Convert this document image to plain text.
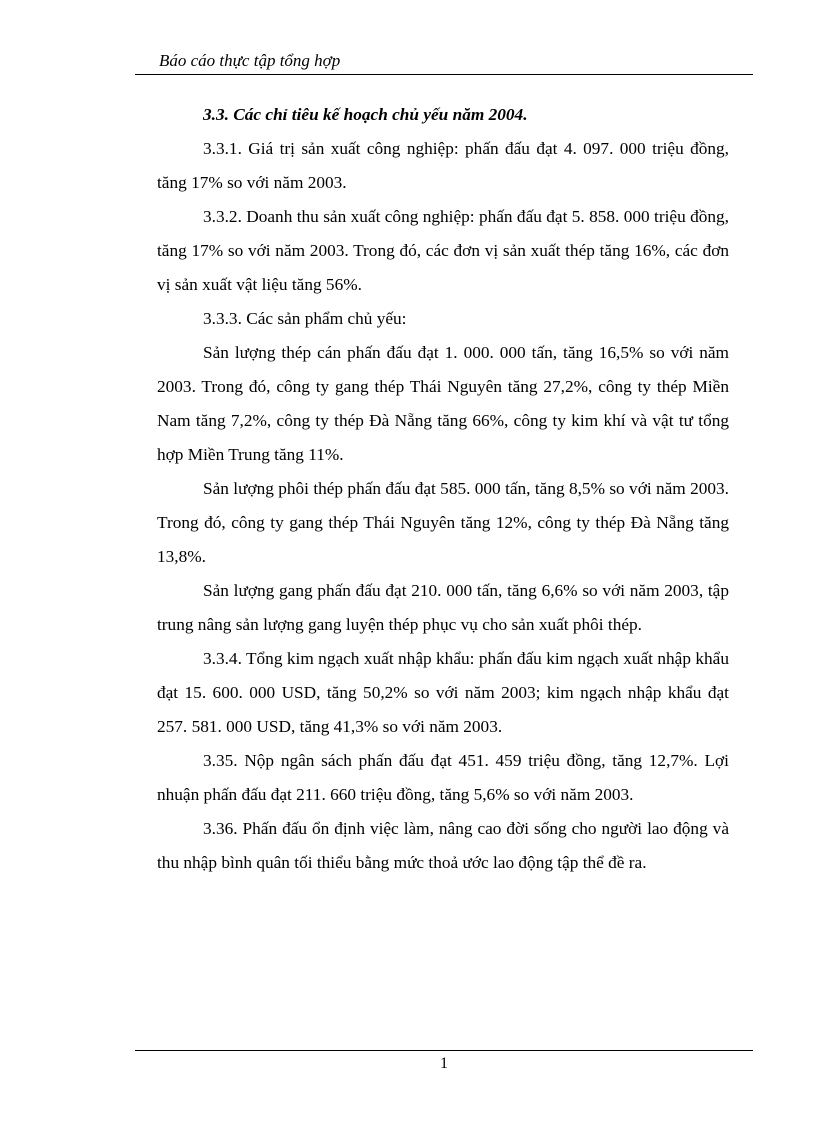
Báo cáo thực tập tổng hợp

3.3. Các chỉ tiêu kế hoạch chủ yếu năm 2004.

3.3.1. Giá trị sản xuất công nghiệp: phấn đấu đạt 4. 097. 000 triệu đồng, tăng 17% so với năm 2003.

3.3.2. Doanh thu sản xuất công nghiệp: phấn đấu đạt 5. 858. 000 triệu đồng, tăng 17% so với năm 2003. Trong đó, các đơn vị sản xuất thép tăng 16%, các đơn vị sản xuất vật liệu tăng 56%.

3.3.3. Các sản phẩm chủ yếu:

Sản lượng thép cán phấn đấu đạt 1. 000. 000 tấn, tăng 16,5% so với năm 2003. Trong đó, công ty gang thép Thái Nguyên tăng 27,2%, công ty thép Miền Nam tăng 7,2%, công ty thép Đà Nẵng tăng 66%, công ty kim khí và vật tư tổng hợp Miền Trung tăng 11%.

Sản lượng phôi thép phấn đấu đạt 585. 000 tấn, tăng 8,5% so với năm 2003. Trong đó, công ty gang thép Thái Nguyên tăng 12%, công ty thép Đà Nẵng tăng 13,8%.

Sản lượng gang phấn đấu đạt 210. 000 tấn, tăng 6,6% so với năm 2003, tập trung nâng sản lượng gang luyện thép phục vụ cho sản xuất phôi thép.

3.3.4. Tổng kim ngạch xuất nhập khẩu: phấn đấu kim ngạch xuất nhập khẩu đạt 15. 600. 000 USD, tăng 50,2% so với năm 2003; kim ngạch nhập khẩu đạt 257. 581. 000 USD, tăng 41,3% so với năm 2003.

3.35. Nộp ngân sách phấn đấu đạt 451. 459 triệu đồng, tăng 12,7%. Lợi nhuận phấn đấu đạt 211. 660 triệu đồng, tăng 5,6% so với năm 2003.

3.36. Phấn đấu ổn định việc làm, nâng cao đời sống cho người lao động và thu nhập bình quân tối thiểu bằng mức thoả ước lao động tập thể đề ra.

1
